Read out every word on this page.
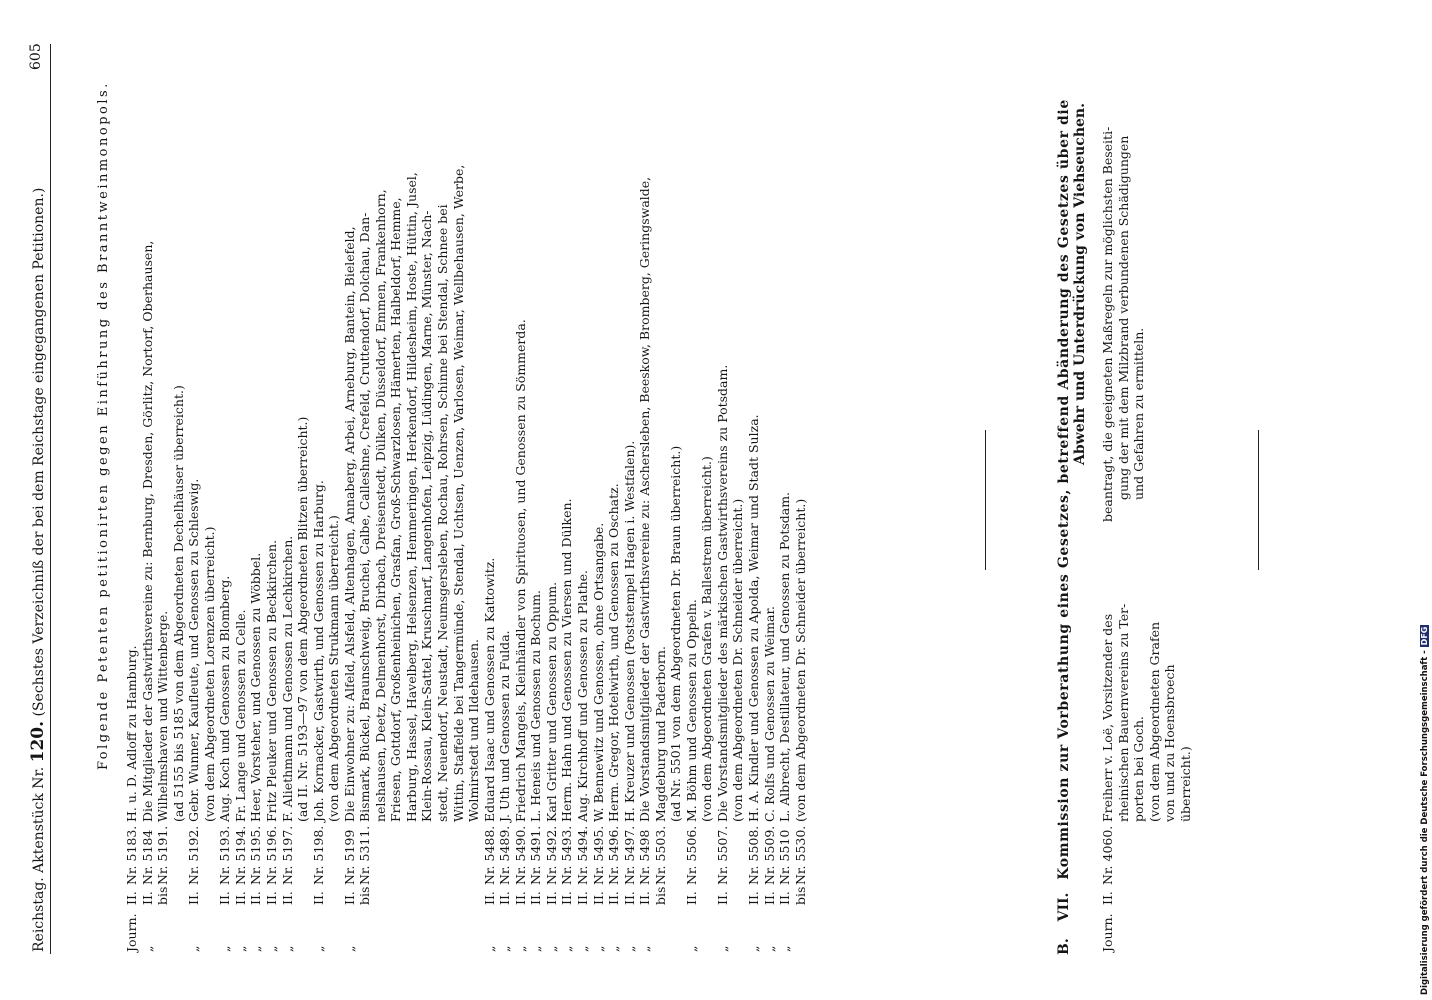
Reichstag. Aktenstück Nr. 120. (Sechstes Verzeichniß der bei dem Reichstage eingegangenen Petitionen.)
605
Folgende Petenten petitionirten gegen Einführung des Branntweinmonopols.
Journ.
II.
Nr. 5183.
H. u. D. Adloff zu Hamburg.
„
II.
Nr. 5184
Die Mitglieder der Gastwirthsvereine zu: Bernburg, Dresden, Görlitz, Nortorf, Oberhausen,
bis
Nr. 5191.
Wilhelmshaven und Wittenberge. (ad 5155 bis 5185 von dem Abgeordneten Dechelhäuser überreicht.)
„
II.
Nr. 5192.
Gebr. Wunner, Kaufleute, und Genossen zu Schleswig. (von dem Abgeordneten Lorenzen überreicht.)
„
II.
Nr. 5193.
Aug. Koch und Genossen zu Blomberg.
„
II.
Nr. 5194.
Fr. Lange und Genossen zu Celle.
„
II.
Nr. 5195.
Heer, Vorsteher, und Genossen zu Wöbbel.
„
II.
Nr. 5196.
Fritz Pleuker und Genossen zu Beckkirchen.
„
II.
Nr. 5197.
F. Aliethmann und Genossen zu Lechkirchen. (ad II. Nr. 5193—97 von dem Abgeordneten Blitzen überreicht.)
„
II.
Nr. 5198.
Joh. Kornacker, Gastwirth, und Genossen zu Harburg. (von dem Abgeordneten Strukmann überreicht.)
„
II.
Nr. 5199
Die Einwohner zu: Alfeld, Alsfeld, Altenhagen, Annaberg, Arbei, Arneburg, Bantein, Bielefeld,
bis
Nr. 5311.
Bismark, Bückel, Braunschweig, Bruchei, Calbe, Calleshne, Crefeld, Cruttendorf, Dolchau, Dan- nelshausen, Deetz, Delmenhorst, Dirbach, Dreisenstedt, Dülken, Düsseldorf, Emmen, Frankenhorn, Friesen, Gottdorf, Großenheinichen, Grasfan, Groß-Schwarzlosen, Hämerten, Halbeldorf, Hemme, Harburg, Hassel, Havelberg, Helsenzen, Hemmeringen, Herkendorf, Hildesheim, Hoste, Hüttin, Jusel, Klein-Rossau, Klein-Sattel, Kruschnarf, Langenhofen, Leipzig, Lüdingen, Marne, Münster, Nach- stedt, Neuendorf, Neustadt, Neumsgersleben, Rochau, Rohrsen, Schinne bei Stendal, Schnee bei Wittin, Staffelde bei Tangermünde, Stendal, Uchtsen, Uenzen, Varlosen, Weimar, Wellbehausen, Werbe, Wolmirstedt und Ildehausen.
„
II.
Nr. 5488.
Eduard Isaac und Genossen zu Kattowitz.
„
II.
Nr. 5489.
J. Uth und Genossen zu Fulda.
„
II.
Nr. 5490.
Friedrich Mangels, Kleinhändler von Spirituosen, und Genossen zu Sömmerda.
„
II.
Nr. 5491.
L. Heneis und Genossen zu Bochum.
„
II.
Nr. 5492.
Karl Gritter und Genossen zu Oppum.
„
II.
Nr. 5493.
Herm. Hahn und Genossen zu Viersen und Dülken.
„
II.
Nr. 5494.
Aug. Kirchhoff und Genossen zu Plathe.
„
II.
Nr. 5495.
W. Bennewitz und Genossen, ohne Ortsangabe.
„
II.
Nr. 5496.
Herm. Gregor, Hotelwirth, und Genossen zu Oschatz.
„
II.
Nr. 5497.
H. Kreuzer und Genossen (Poststempel Hagen i. Westfalen).
„
II.
Nr. 5498
Die Vorstandsmitglieder der Gastwirthsvereine zu: Aschersleben, Beeskow, Bromberg, Geringswalde,
bis
Nr. 5503.
Magdeburg und Paderborn. (ad Nr. 5501 von dem Abgeordneten Dr. Braun überreicht.)
„
II.
Nr. 5506.
M. Böhm und Genossen zu Oppeln. (von dem Abgeordneten Grafen v. Ballestrem überreicht.)
„
II.
Nr. 5507.
Die Vorstandsmitglieder des märkischen Gastwirthsvereins zu Potsdam. (von dem Abgeordneten Dr. Schneider überreicht.)
„
II.
Nr. 5508.
H. A. Kindler und Genossen zu Apolda, Weimar und Stadt Sulza.
„
II.
Nr. 5509.
C. Rolfs und Genossen zu Weimar.
„
II.
Nr. 5510
L. Albrecht, Destillateur, und Genossen zu Potsdam.
bis
Nr. 5530.
(von dem Abgeordneten Dr. Schneider überreicht.)
B. VII. Kommission zur Vorberathung eines Gesetzes, betreffend Abänderung des Gesetzes über die Abwehr und Unterdrückung von Viehseuchen.
Journ.
II.
Nr. 4060.
Freiherr v. Loë, Vorsitzender des rheinischen Bauernvereins zu Ter- porten bei Goch. (von dem Abgeordneten Grafen von und zu Hoensbroech überreicht.)
beantragt, die geeigneten Maßregeln zur möglichsten Beseiti- gung der mit dem Milzbrand verbundenen Schädigungen und Gefahren zu ermitteln.
Digitalisierung gefördert durch die Deutsche Forschungsgemeinschaft -DFG
